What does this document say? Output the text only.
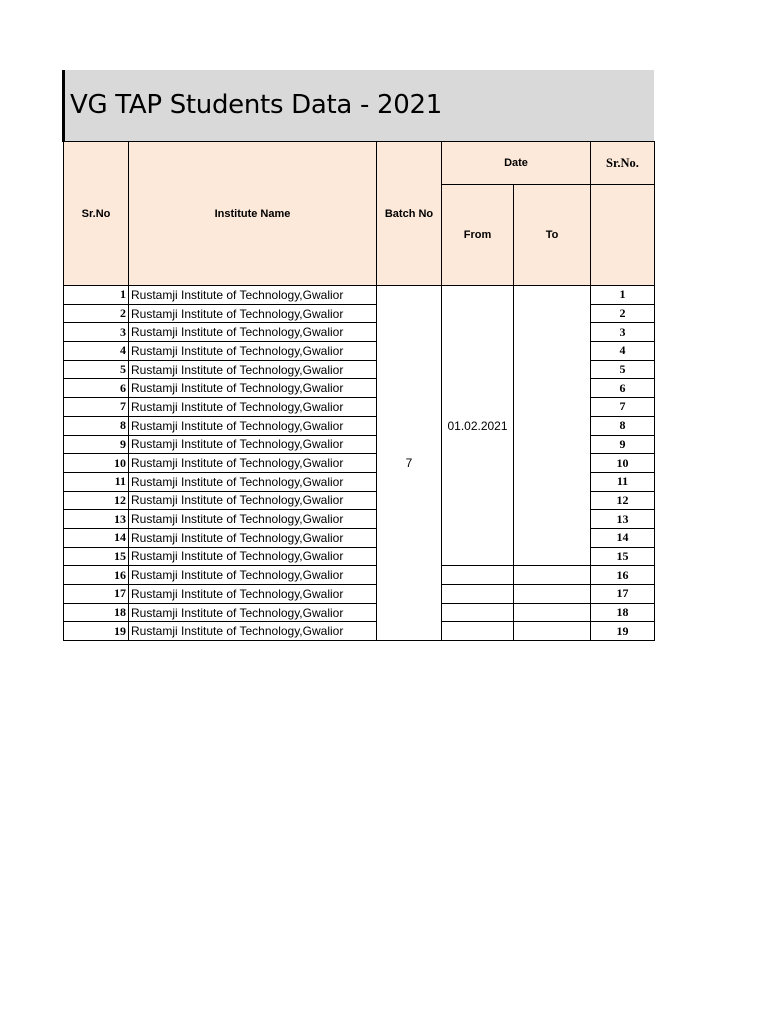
VG TAP Students Data - 2021
Sr.No	Institute Name	Batch No	Date		Sr.No.
			From	To	

1	Rustamji Institute of Technology,Gwalior	7	01.02.2021		1
2	Rustamji Institute of Technology,Gwalior				2
3	Rustamji Institute of Technology,Gwalior				3
4	Rustamji Institute of Technology,Gwalior				4
5	Rustamji Institute of Technology,Gwalior				5
6	Rustamji Institute of Technology,Gwalior				6
7	Rustamji Institute of Technology,Gwalior				7
8	Rustamji Institute of Technology,Gwalior				8
9	Rustamji Institute of Technology,Gwalior				9
10	Rustamji Institute of Technology,Gwalior				10
11	Rustamji Institute of Technology,Gwalior				11
12	Rustamji Institute of Technology,Gwalior				12
13	Rustamji Institute of Technology,Gwalior				13
14	Rustamji Institute of Technology,Gwalior				14
15	Rustamji Institute of Technology,Gwalior				15
16	Rustamji Institute of Technology,Gwalior				16
17	Rustamji Institute of Technology,Gwalior				17
18	Rustamji Institute of Technology,Gwalior				18
19	Rustamji Institute of Technology,Gwalior				19
